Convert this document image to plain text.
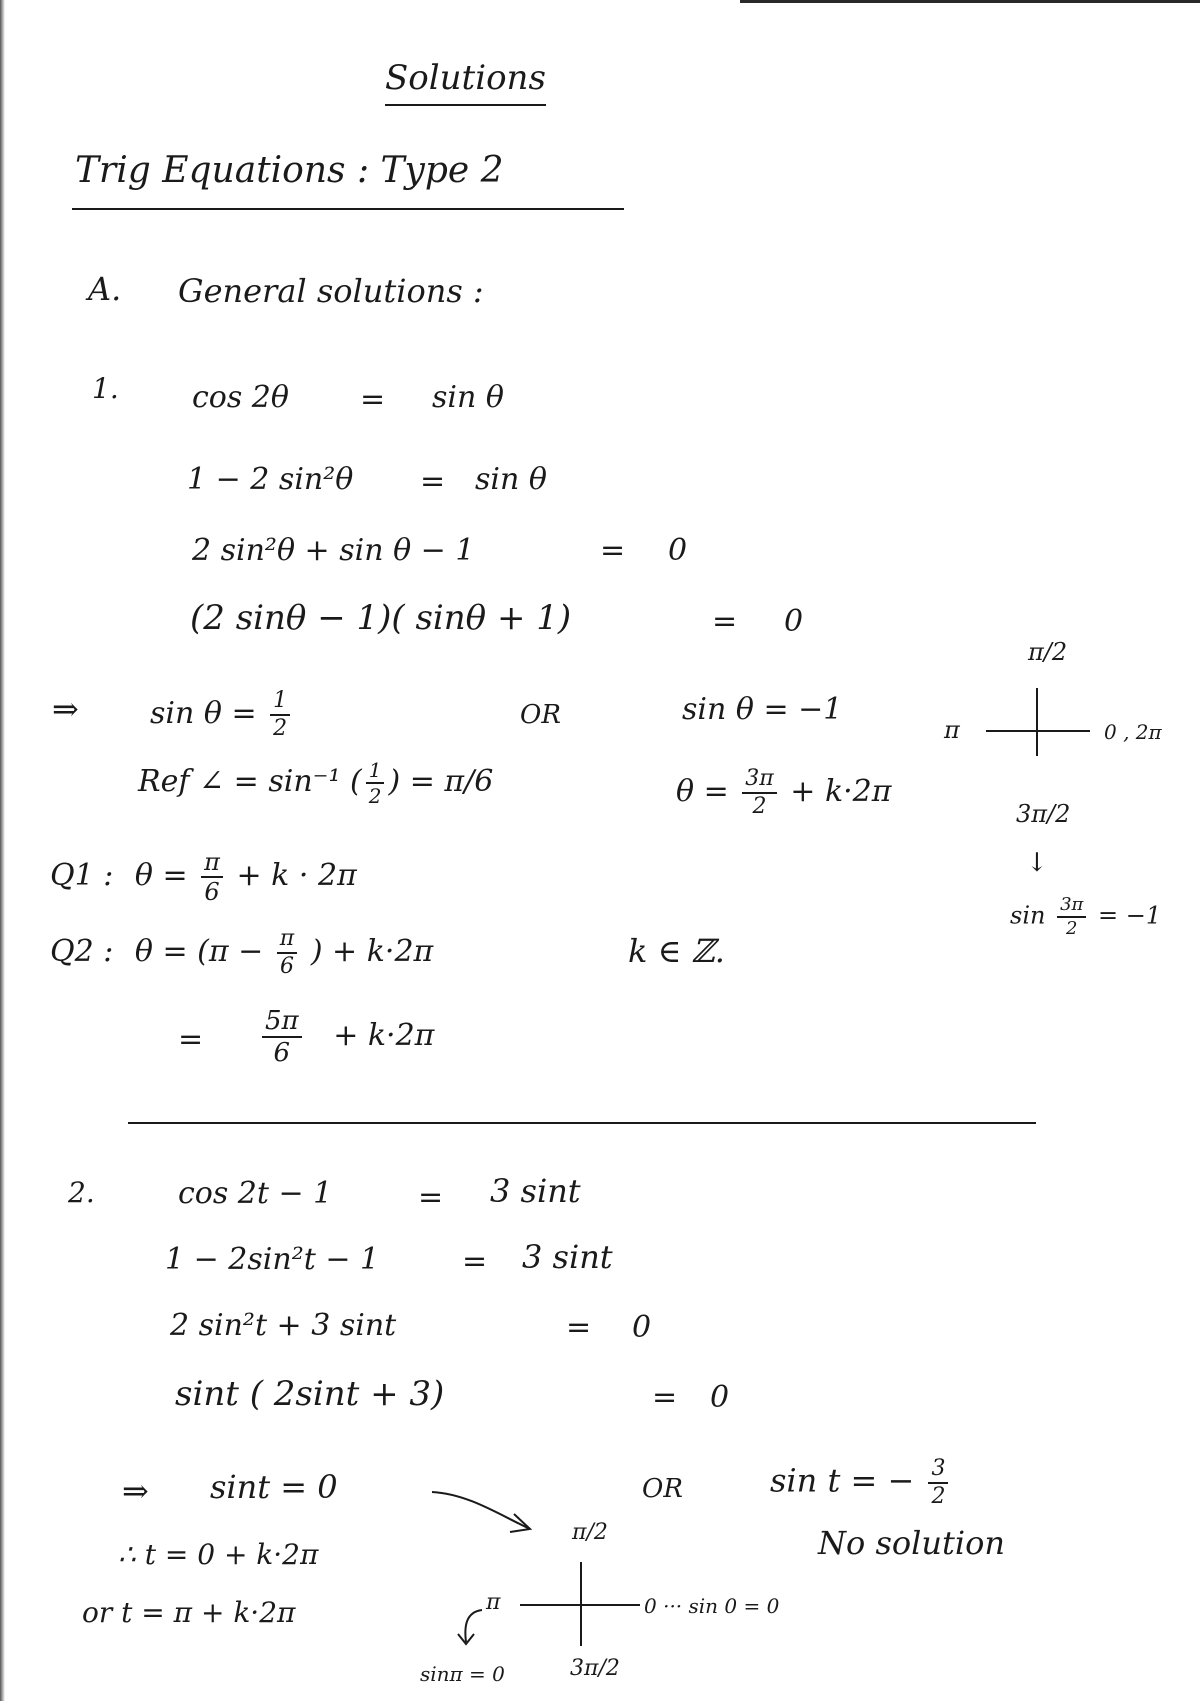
Solutions
Trig Equations : Type 2
A. General solutions :
1. cos 2θ = sin θ
1 − 2 sin²θ = sin θ
2 sin²θ + sin θ − 1	= 0
(2 sinθ − 1)( sinθ + 1)	= 0
⇒ $\sin \theta = \frac{1}{2}$	OR	sin θ = −1
Ref ∠ = sin⁻¹ ( $\frac{1}{2}$ ) = π/6	$\theta = \frac{3\pi}{2} + k\cdot 2\pi$
Q1 : $\theta = \frac{\pi}{6} + k \cdot 2\pi$
Q2 : $\theta = (\pi - \frac{\pi}{6}$ ) + k·2π	k ∈ ℤ.
= $\frac{5\pi}{6} + k\cdot 2\pi$
π/2
π	0 , 2π
3π/2
↓
$\sin \frac{3\pi}{2} = -1$
2.	cos 2t − 1	= 3 sint
1 − 2sin²t − 1	= 3 sint
2 sin²t + 3 sint	= 0
sint ( 2sint + 3)	= 0
⇒ sint = 0	OR	sin t = − $\frac{3}{2}$
No solution
∴ t = 0 + k·2π
or t = π + k·2π
π/2
π	0 ··· sin 0 = 0
3π/2
sinπ = 0
